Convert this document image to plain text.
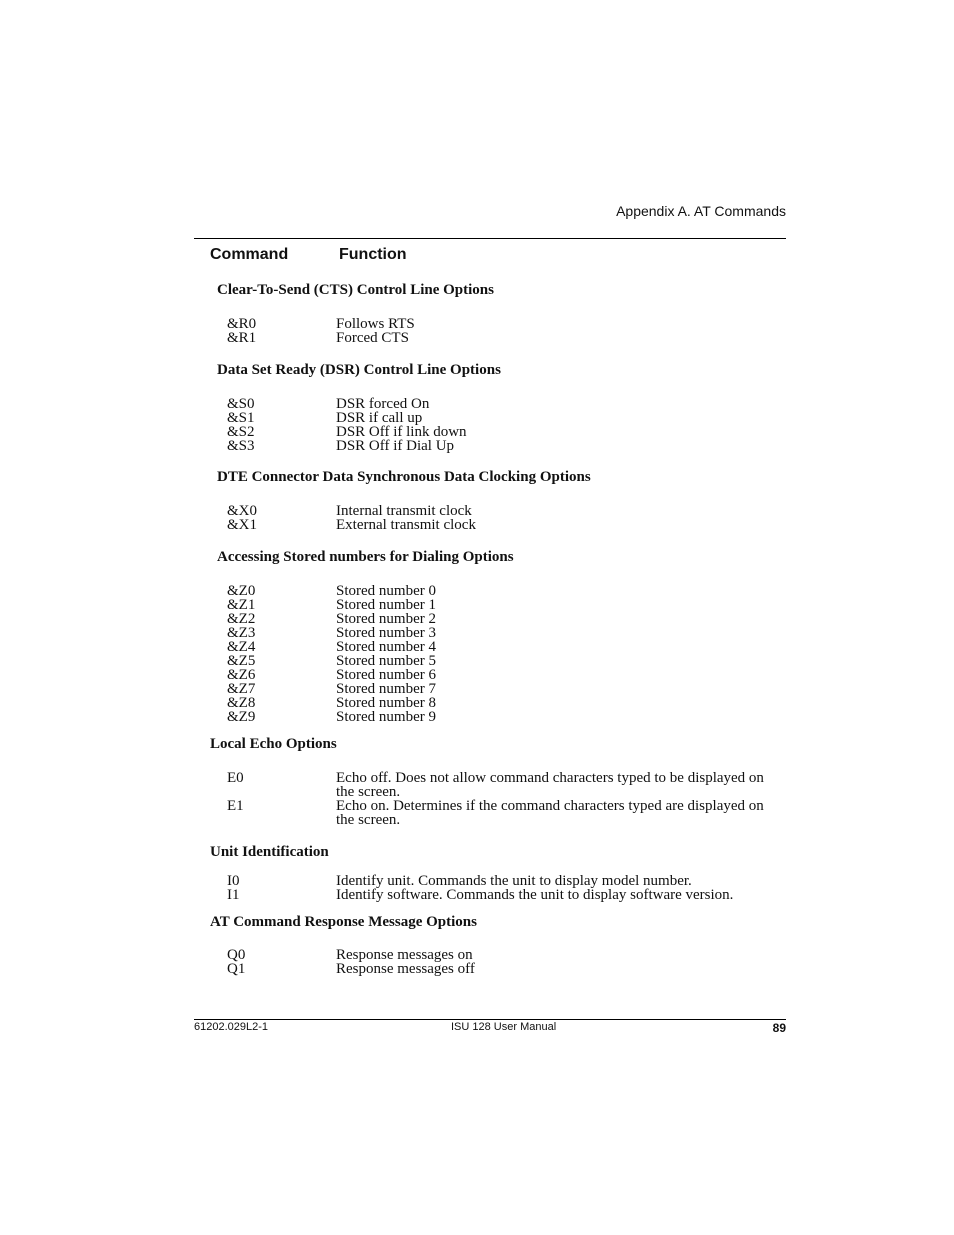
Appendix A. AT Commands
Command	Function
Clear-To-Send (CTS) Control Line Options
&R0	Follows RTS
&R1	Forced CTS
Data Set Ready (DSR) Control Line Options
&S0	DSR forced On
&S1	DSR if call up
&S2	DSR Off if link down
&S3	DSR Off if Dial Up
DTE Connector Data Synchronous Data Clocking Options
&X0	Internal transmit clock
&X1	External transmit clock
Accessing Stored numbers for Dialing Options
&Z0	Stored number 0
&Z1	Stored number 1
&Z2	Stored number 2
&Z3	Stored number 3
&Z4	Stored number 4
&Z5	Stored number 5
&Z6	Stored number 6
&Z7	Stored number 7
&Z8	Stored number 8
&Z9	Stored number 9
Local Echo Options
E0	Echo off. Does not allow command characters typed to be displayed on the screen.
E1	Echo on. Determines if the command characters typed are displayed on the screen.
Unit Identification
I0	Identify unit. Commands the unit to display model number.
I1	Identify software. Commands the unit to display software version.
AT Command Response Message Options
Q0	Response messages on
Q1	Response messages off
61202.029L2-1	ISU 128 User Manual	89
